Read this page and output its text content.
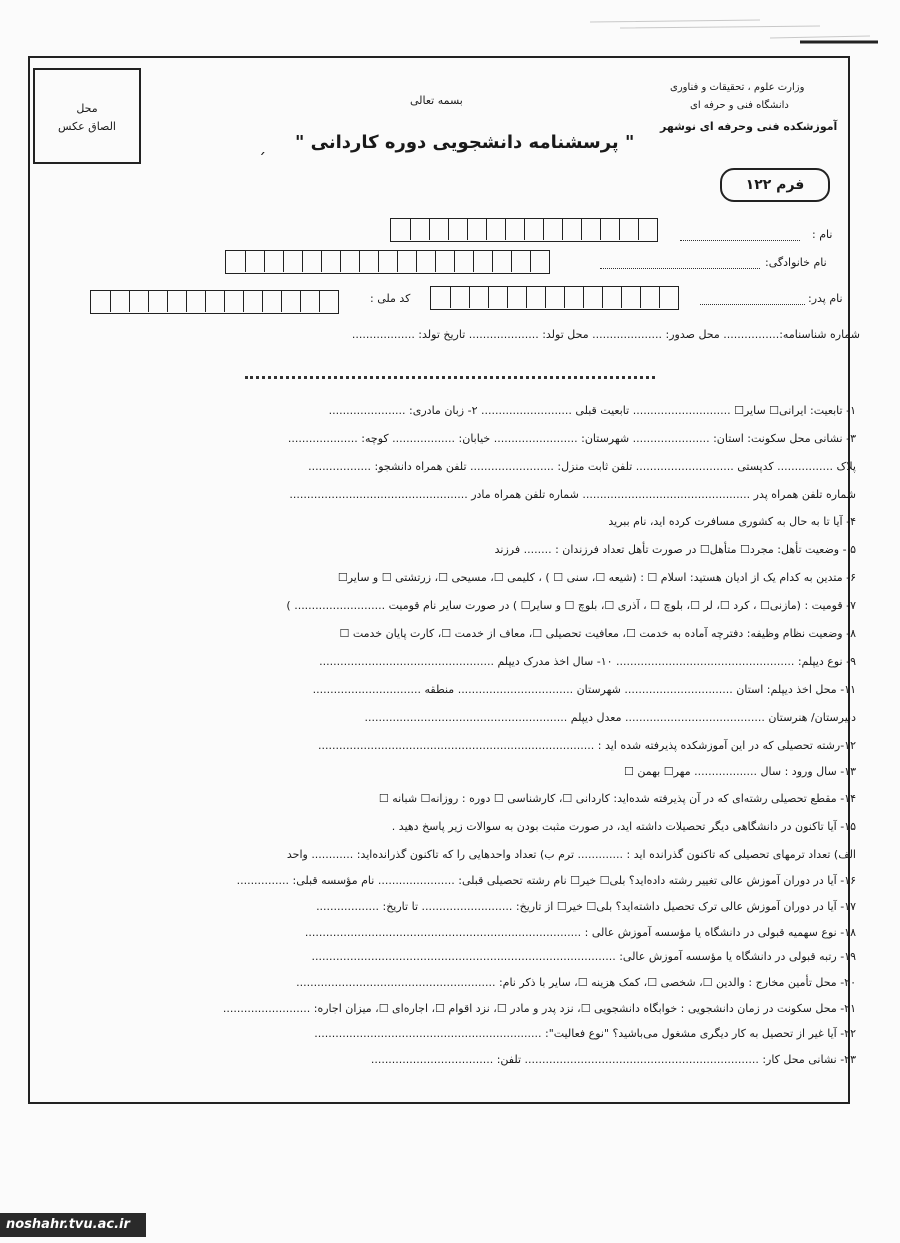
محل
الصاق عکس
بسمه تعالی
وزارت علوم ، تحقیقات و فناوری
دانشگاه فنی و حرفه ای
آموزشکده فنی وحرفه ای نوشهر
" پرسشنامه دانشجویی دوره کاردانی "
فرم ۱۲۲
نام :
نام خانوادگی:
نام پدر:
کد ملی :
شماره شناسنامه:................ محل صدور: .................... محل تولد: .................... تاریخ تولد: ..................
۱- تابعیت: ایرانی☐ سایر☐ ............................ تابعیت قبلی .......................... ۲- زبان مادری: ......................
۳- نشانی محل سکونت: استان: ...................... شهرستان: ........................ خیابان: .................. کوچه: ....................
پلاک ................ کدپستی ............................ تلفن ثابت منزل: ........................ تلفن همراه دانشجو: ..................
شماره تلفن همراه پدر ................................................ شماره تلفن همراه مادر ...................................................
۴- آیا تا به حال به کشوری مسافرت کرده اید، نام ببرید
۵ - وضعیت تأهل: مجرد☐ متأهل☐ در صورت تأهل تعداد فرزندان : ........ فرزند
۶- متدین به کدام یک از ادیان هستید: اسلام ☐ : (شیعه ☐، سنی ☐ ) ، کلیمی ☐، مسیحی ☐، زرتشتی ☐ و سایر☐
۷- قومیت : (مازنی☐ ، کرد ☐، لر ☐، بلوچ ☐ ، آذری ☐، بلوچ ☐ و سایر☐ ) در صورت سایر نام قومیت .......................... )
۸- وضعیت نظام وظیفه: دفترچه آماده به خدمت ☐، معافیت تحصیلی ☐، معاف از خدمت ☐، کارت پایان خدمت ☐
۹- نوع دیپلم: ................................................... ۱۰- سال اخذ مدرک دیپلم ..................................................
۱۱- محل اخذ دیپلم: استان ............................... شهرستان ................................. منطقه ...............................
دبیرستان/ هنرستان ........................................ معدل دیپلم ..........................................................
۱۲-رشته تحصیلی که در این آموزشکده پذیرفته شده اید : ...............................................................................
۱۳- سال ورود : سال .................. مهر☐ بهمن ☐
۱۴- مقطع تحصیلی رشته‌ای که در آن پذیرفته شده‌اید: کاردانی ☐، کارشناسی ☐ دوره : روزانه☐ شبانه ☐
۱۵- آیا تاکنون در دانشگاهی دیگر تحصیلات داشته اید، در صورت مثبت بودن به سوالات زیر پاسخ دهید .
الف) تعداد ترمهای تحصیلی که تاکنون گذرانده اید : ............. ترم ب) تعداد واحدهایی را که تاکنون گذرانده‌اید: ............ واحد
۱۶- آیا در دوران آموزش عالی تغییر رشته داده‌اید؟ بلی☐ خیر☐ نام رشته تحصیلی قبلی: ...................... نام مؤسسه قبلی: ...............
۱۷- آیا در دوران آموزش عالی ترک تحصیل داشته‌اید؟ بلی☐ خیر☐ از تاریخ: .......................... تا تاریخ: ..................
۱۸- نوع سهمیه قبولی در دانشگاه یا مؤسسه آموزش عالی : ...............................................................................
۱۹- رتبه قبولی در دانشگاه یا مؤسسه آموزش عالی: .......................................................................................
۲۰- محل تأمین مخارج : والدین ☐، شخصی ☐، کمک هزینه ☐، سایر با ذکر نام: .........................................................
۲۱- محل سکونت در زمان دانشجویی : خوابگاه دانشجویی ☐، نزد پدر و مادر ☐، نزد اقوام ☐، اجاره‌ای ☐، میزان اجاره: .........................
۲۲- آیا غیر از تحصیل به کار دیگری مشغول می‌باشید؟ "نوع فعالیت": .................................................................
۲۳- نشانی محل کار: ................................................................... تلفن: ...................................
ˏ
noshahr.tvu.ac.ir
